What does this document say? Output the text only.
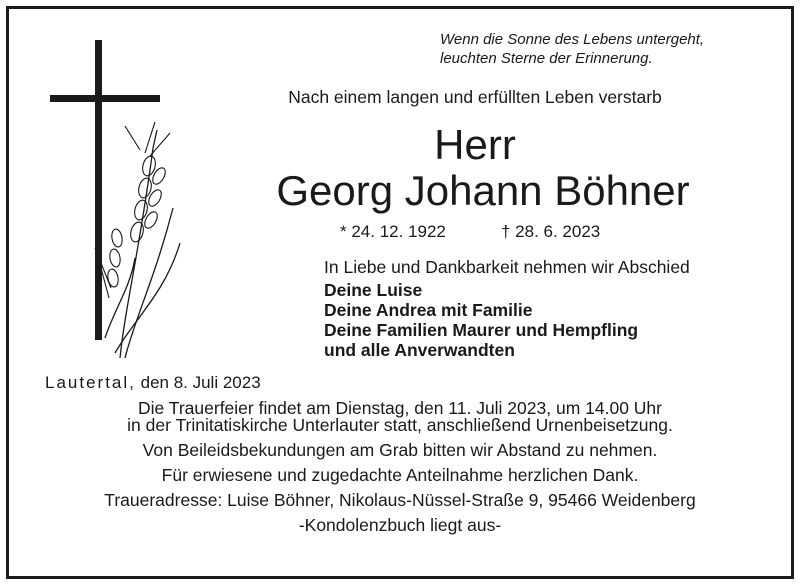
Wenn die Sonne des Lebens untergeht,
leuchten Sterne der Erinnerung.
Nach einem langen und erfüllten Leben verstarb
Herr
Georg Johann Böhner
* 24. 12. 1922	† 28. 6. 2023
In Liebe und Dankbarkeit nehmen wir Abschied
Deine Luise
Deine Andrea mit Familie
Deine Familien Maurer und Hempfling
und alle Anverwandten
Lautertal, den 8. Juli 2023
Die Trauerfeier findet am Dienstag, den 11. Juli 2023, um 14.00 Uhr
in der Trinitatiskirche Unterlauter statt, anschließend Urnenbeisetzung.
Von Beileidsbekundungen am Grab bitten wir Abstand zu nehmen.
Für erwiesene und zugedachte Anteilnahme herzlichen Dank.
Traueradresse: Luise Böhner, Nikolaus-Nüssel-Straße 9, 95466 Weidenberg
-Kondolenzbuch liegt aus-
